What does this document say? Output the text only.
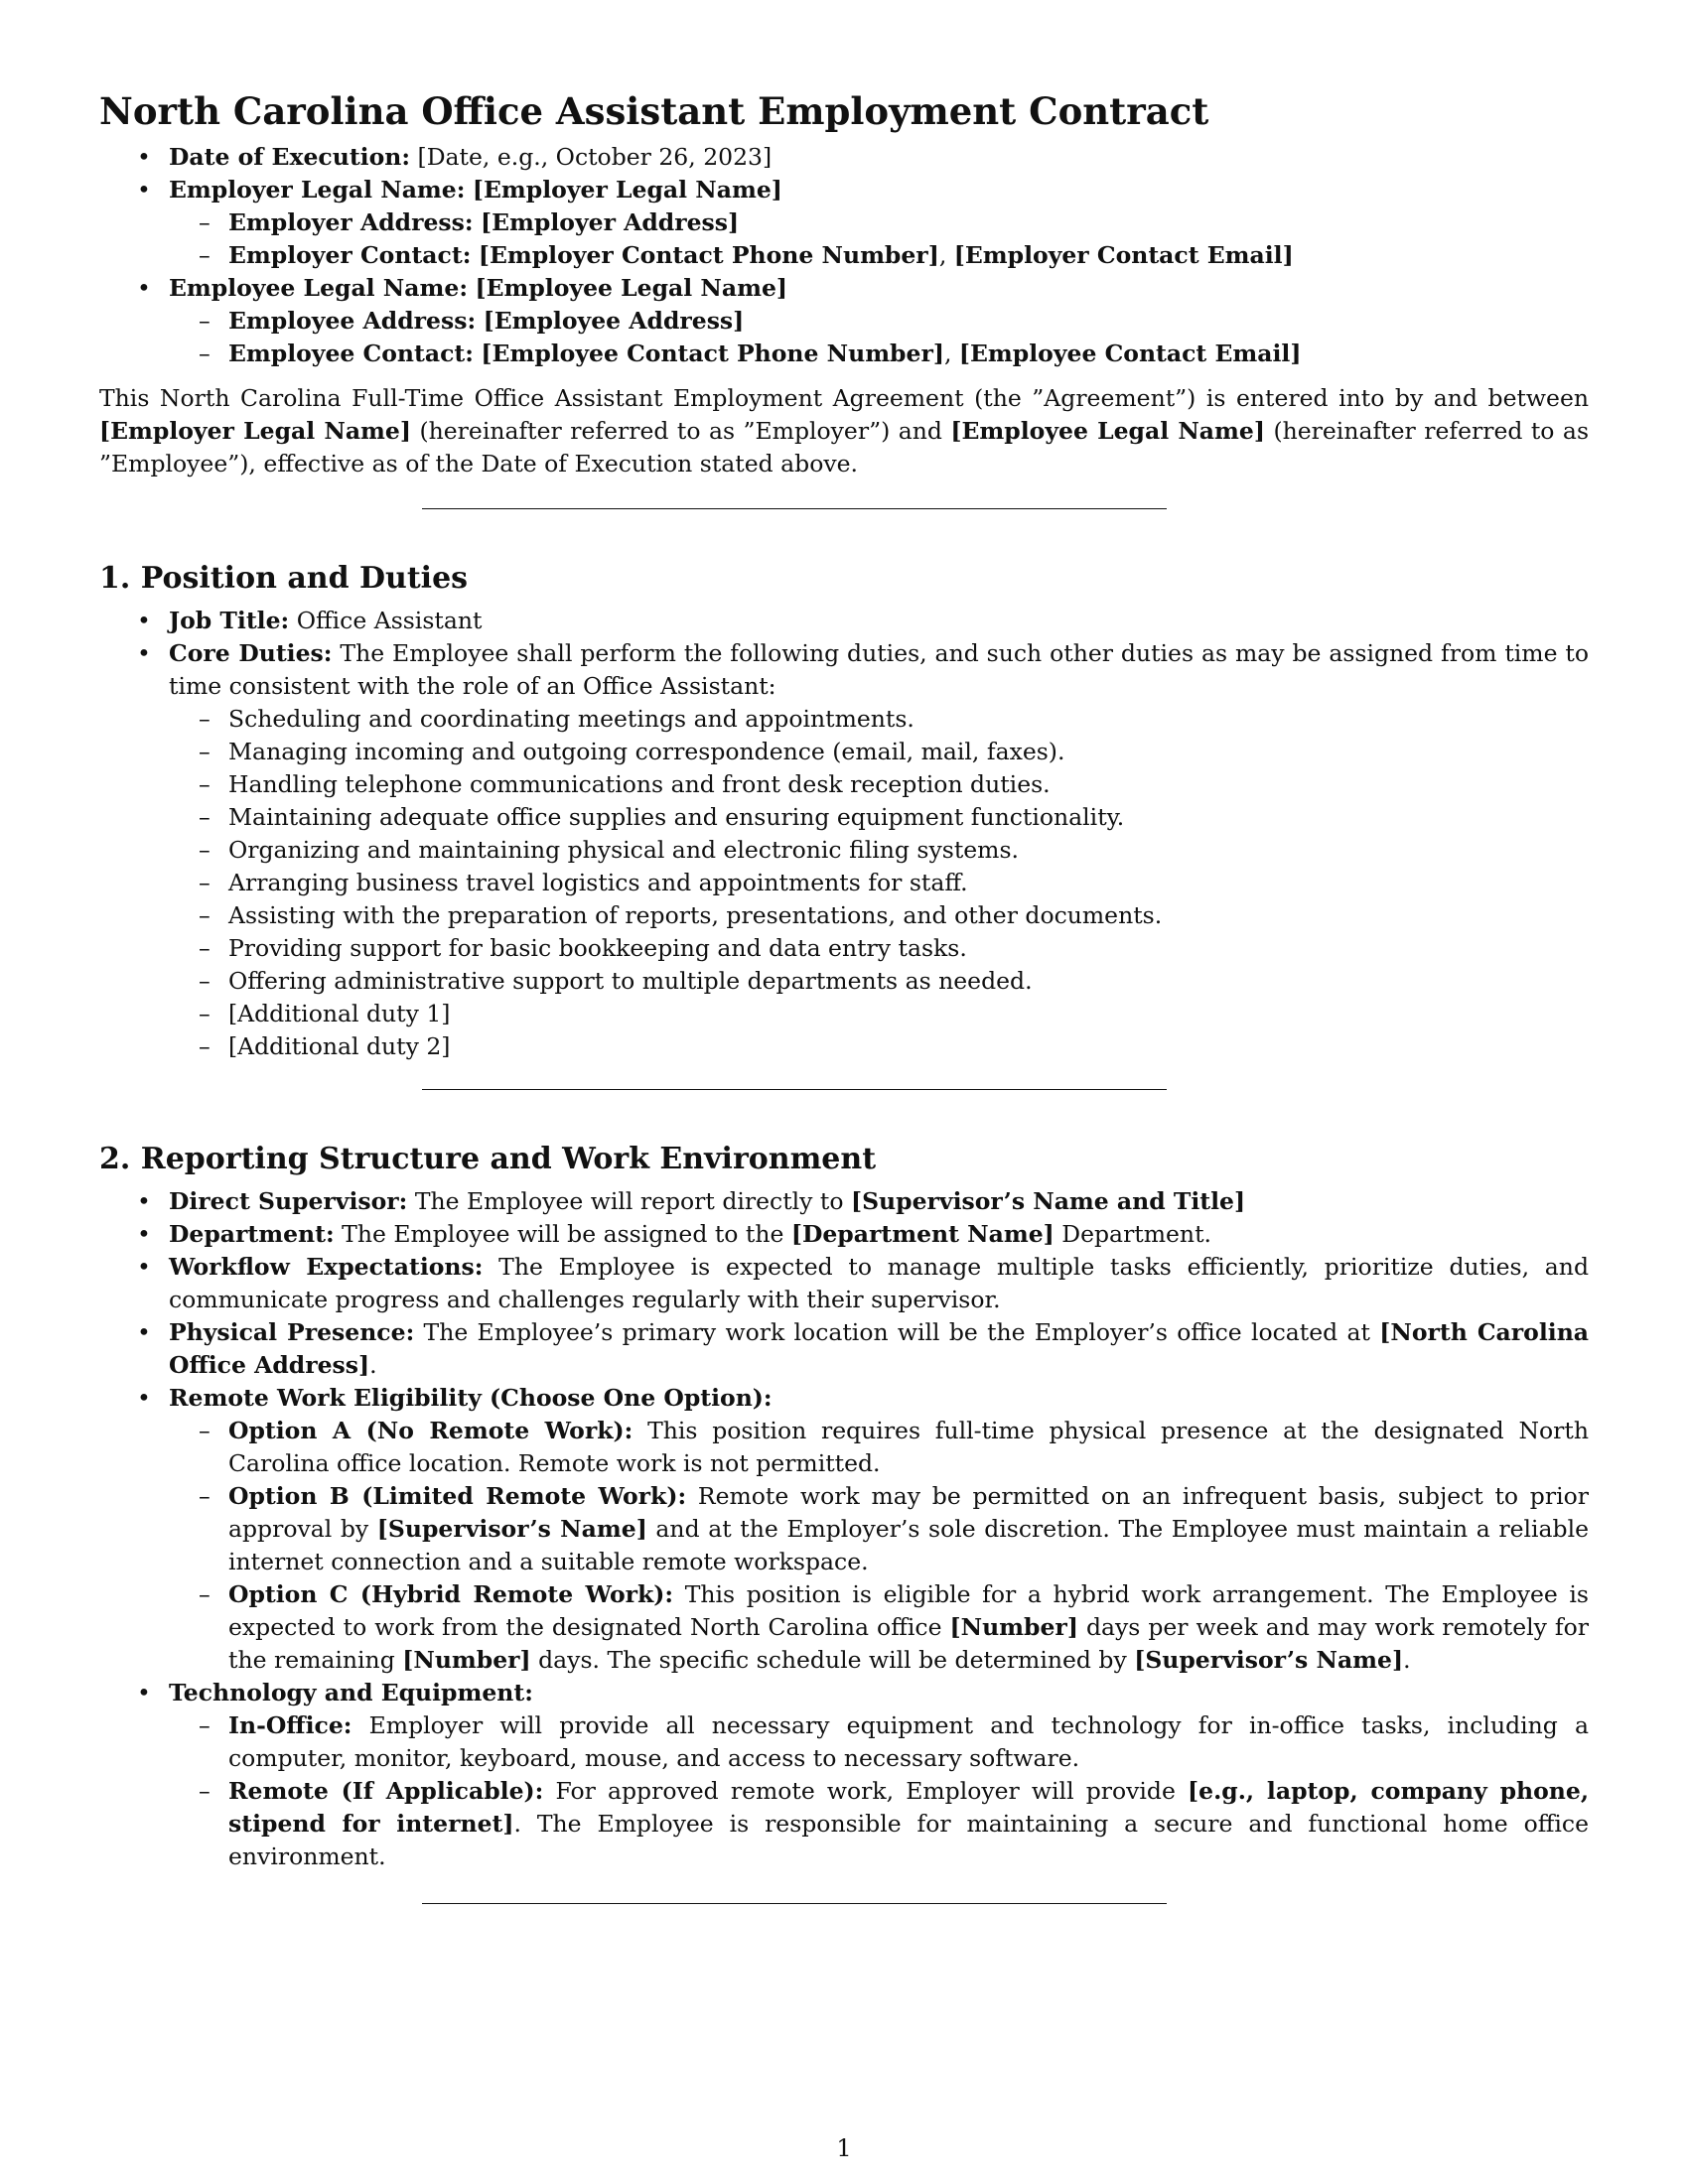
North Carolina Office Assistant Employment Contract
• Date of Execution: [Date, e.g., October 26, 2023]
• Employer Legal Name: [Employer Legal Name]
– Employer Address: [Employer Address]
– Employer Contact: [Employer Contact Phone Number], [Employer Contact Email]
• Employee Legal Name: [Employee Legal Name]
– Employee Address: [Employee Address]
– Employee Contact: [Employee Contact Phone Number], [Employee Contact Email]

This North Carolina Full-Time Office Assistant Employment Agreement (the ”Agreement”) is entered into by and between [Employer Legal Name] (hereinafter referred to as ”Employer”) and [Employee Legal Name] (hereinafter referred to as ”Employee”), effective as of the Date of Execution stated above.

1. Position and Duties
• Job Title: Office Assistant
• Core Duties: The Employee shall perform the following duties, and such other duties as may be assigned from time to time consistent with the role of an Office Assistant:
– Scheduling and coordinating meetings and appointments.
– Managing incoming and outgoing correspondence (email, mail, faxes).
– Handling telephone communications and front desk reception duties.
– Maintaining adequate office supplies and ensuring equipment functionality.
– Organizing and maintaining physical and electronic filing systems.
– Arranging business travel logistics and appointments for staff.
– Assisting with the preparation of reports, presentations, and other documents.
– Providing support for basic bookkeeping and data entry tasks.
– Offering administrative support to multiple departments as needed.
– [Additional duty 1]
– [Additional duty 2]
2. Reporting Structure and Work Environment
• Direct Supervisor: The Employee will report directly to [Supervisor’s Name and Title]
• Department: The Employee will be assigned to the [Department Name] Department.
• Workflow Expectations: The Employee is expected to manage multiple tasks efficiently, prioritize duties, and communicate progress and challenges regularly with their supervisor.
• Physical Presence: The Employee’s primary work location will be the Employer’s office located at [North Carolina Office Address].
• Remote Work Eligibility (Choose One Option):
– Option A (No Remote Work): This position requires full-time physical presence at the designated North Carolina office location. Remote work is not permitted.
– Option B (Limited Remote Work): Remote work may be permitted on an infrequent basis, subject to prior approval by [Supervisor’s Name] and at the Employer’s sole discretion. The Employee must maintain a reliable internet connection and a suitable remote workspace.
– Option C (Hybrid Remote Work): This position is eligible for a hybrid work arrangement. The Employee is expected to work from the designated North Carolina office [Number] days per week and may work remotely for the remaining [Number] days. The specific schedule will be determined by [Supervisor’s Name].
• Technology and Equipment:
– In-Office: Employer will provide all necessary equipment and technology for in-office tasks, including a computer, monitor, keyboard, mouse, and access to necessary software.
– Remote (If Applicable): For approved remote work, Employer will provide [e.g., laptop, company phone, stipend for internet]. The Employee is responsible for maintaining a secure and functional home office environment.
1
